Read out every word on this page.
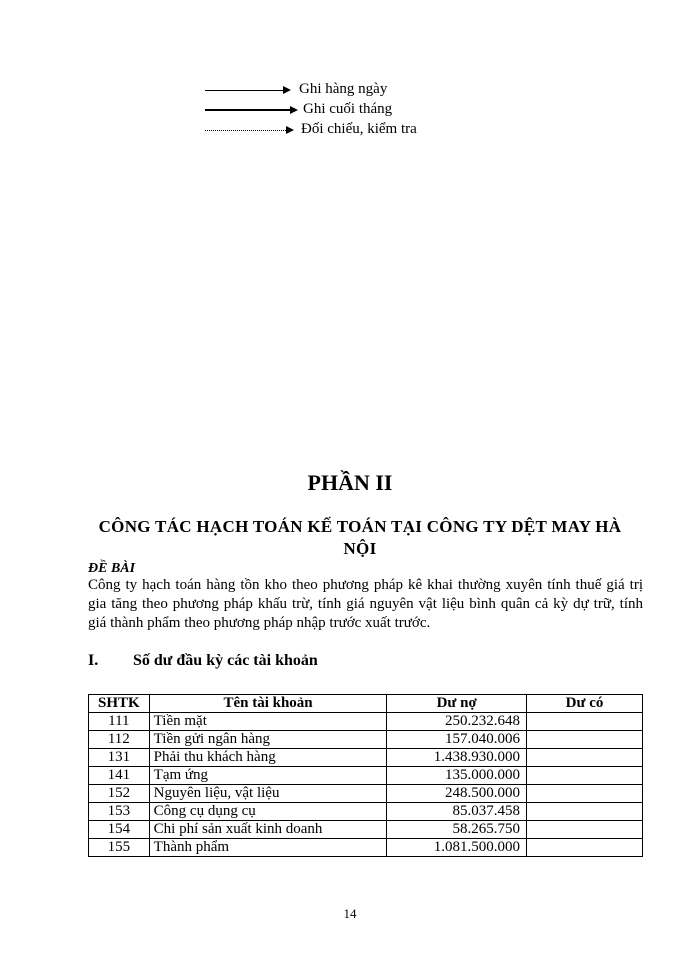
Ghi hàng ngày
Ghi cuối tháng
Đối chiếu, kiểm tra
PHẦN II
CÔNG TÁC HẠCH TOÁN KẾ TOÁN TẠI CÔNG TY DỆT MAY HÀ NỘI
ĐỀ BÀI
Công ty hạch toán hàng tồn kho theo phương pháp kê khai thường xuyên tính thuế giá trị gia tăng theo phương pháp khấu trừ, tính giá nguyên vật liệu bình quân cả kỳ dự trữ, tính giá thành phẩm theo phương pháp nhập trước xuất trước.
I. Số dư đầu kỳ các tài khoản
SHTK	Tên tài khoản	Dư nợ	Dư có
111	Tiền mặt	250.232.648	
112	Tiền gửi ngân hàng	157.040.006	
131	Phải thu khách hàng	1.438.930.000	
141	Tạm ứng	135.000.000	
152	Nguyên liệu, vật liệu	248.500.000	
153	Công cụ dụng cụ	85.037.458	
154	Chi phí sản xuất kinh doanh	58.265.750	
155	Thành phẩm	1.081.500.000	
14
